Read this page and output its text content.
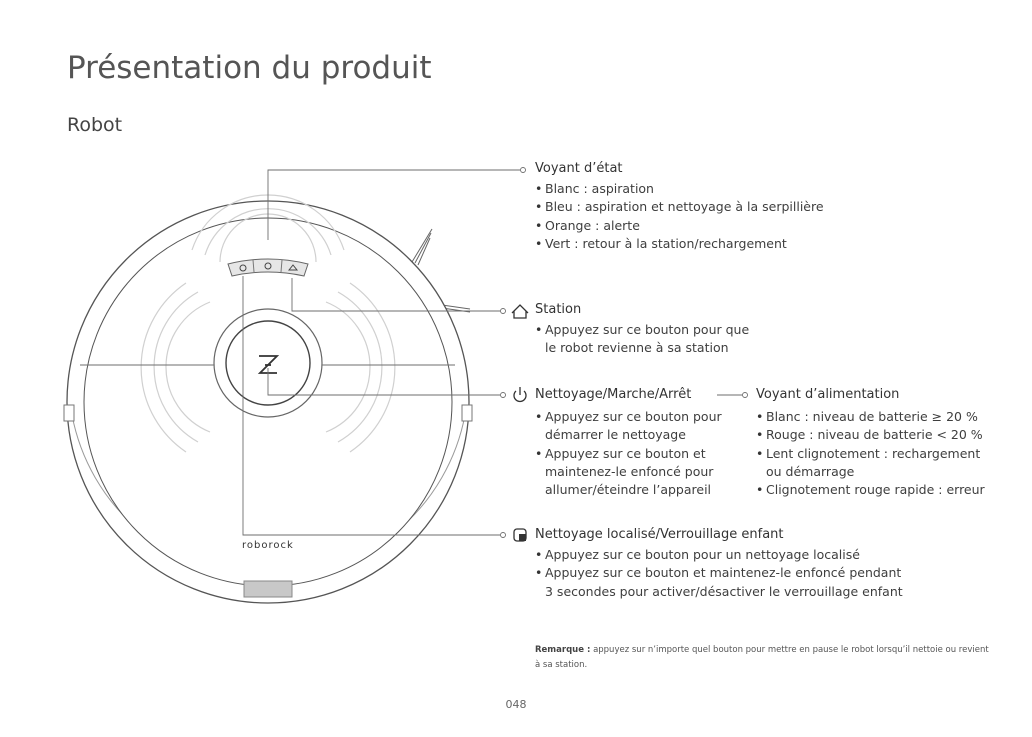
Présentation du produit
Robot
roborock
Voyant d’état
• Blanc : aspiration
• Bleu : aspiration et nettoyage à la serpillière
• Orange : alerte
• Vert : retour à la station/rechargement
Station
• Appuyez sur ce bouton pour que
le robot revienne à sa station
Nettoyage/Marche/Arrêt
• Appuyez sur ce bouton pour
démarrer le nettoyage
• Appuyez sur ce bouton et
maintenez-le enfoncé pour
allumer/éteindre l’appareil
Voyant d’alimentation
• Blanc : niveau de batterie ≥ 20 %
• Rouge : niveau de batterie < 20 %
• Lent clignotement : rechargement
ou démarrage
• Clignotement rouge rapide : erreur
Nettoyage localisé/Verrouillage enfant
• Appuyez sur ce bouton pour un nettoyage localisé
• Appuyez sur ce bouton et maintenez-le enfoncé pendant
3 secondes pour activer/désactiver le verrouillage enfant
Remarque : appuyez sur n’importe quel bouton pour mettre en pause le robot lorsqu’il nettoie ou revient à sa station.
048
